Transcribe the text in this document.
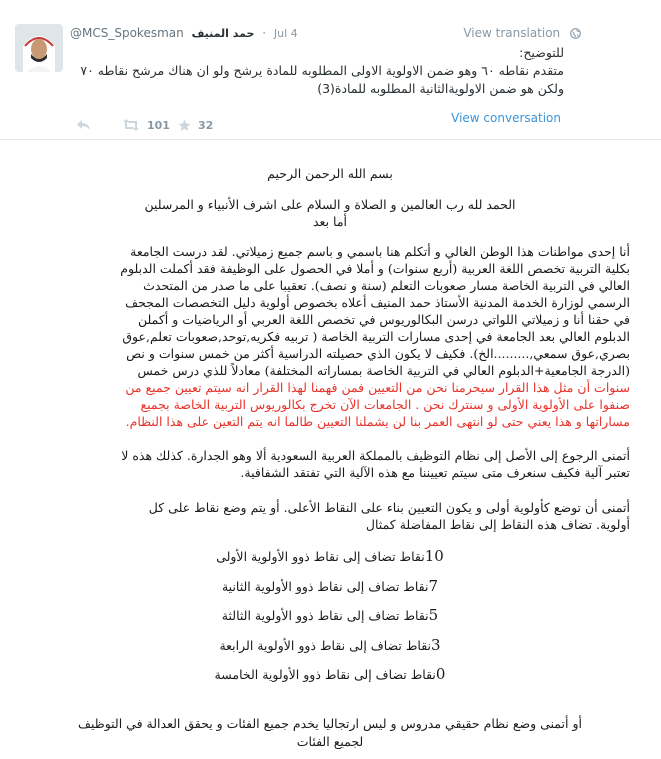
@MCS_Spokesman حمد المنيف · Jul 4	View translation
للتوضيح:
متقدم نقاطه ٦٠ وهو ضمن الاولوية الاولى المطلوبه للمادة يرشح ولو ان هناك مرشح نقاطه ٧٠
ولكن هو ضمن الاولويةالثانية المطلوبه للمادة(3)
View conversation
101	32
بسم الله الرحمن الرحيم
الحمد لله رب العالمين و الصلاة و السلام على اشرف الأنبياء و المرسلين
أما بعد
أنا إحدى مواطنات هذا الوطن الغالي و أتكلم هنا باسمي و باسم جميع زميلاتي. لقد درست الجامعة
بكلية التربية تخصص اللغة العربية (أربع سنوات) و أملا في الحصول على الوظيفة فقد أكملت الدبلوم
العالي في التربية الخاصة مسار صعوبات التعلم (سنة و نصف). تعقيبا على ما صدر من المتحدث
الرسمي لوزارة الخدمة المدنية الأستاذ حمد المنيف أعلاه بخصوص أولوية دليل التخصصات المجحف
في حقنا أنا و زميلاتي اللواتي درسن البكالوريوس في تخصص اللغة العربي أو الرياضيات و أكملن
الدبلوم العالي بعد الجامعة في إحدى مسارات التربية الخاصة ( تربيه فكريه,توحد,صعوبات تعلم,عوق
بصري,عوق سمعي,.........الخ). فكيف لا يكون الذي حصيلته الدراسية أكثر من خمس سنوات و نص
(الدرجة الجامعية+الدبلوم العالي في التربية الخاصة بمساراته المختلفة) معادلاً للذي درس خمس
سنوات أن مثل هذا القرار سيحرمنا نحن من التعيين فمن فهمنا لهذا القرار انه سيتم تعيين جميع من
صنفوا على الأولوية الأولى و سنترك نحن . الجامعات الآن تخرج بكالوريوس التربية الخاصة بجميع
مساراتها و هذا يعني حتى لو انتهى العمر بنا لن يشملنا التعيين طالما انه يتم التعين على هذا النظام.
أتمنى الرجوع إلى الأصل إلى نظام التوظيف بالمملكة العربية السعودية ألا وهو الجدارة. كذلك هذه لا
تعتبر آلية فكيف سنعرف متى سيتم تعييننا مع هذه الآلية التي تفتقد الشفافية.
أتمنى أن توضع كأولوية أولى و يكون التعيين بناء على النقاط الأعلى. أو يتم وضع نقاط على كل
أولوية. تضاف هذه النقاط إلى نقاط المفاضلة كمثال
10نقاط تضاف إلى نقاط ذوو الأولوية الأولى
7نقاط تضاف إلى نقاط ذوو الأولوية الثانية
5نقاط تضاف إلى نقاط ذوو الأولوية الثالثة
3نقاط تضاف إلى نقاط ذوو الأولوية الرابعة
0نقاط تضاف إلى نقاط ذوو الأولوية الخامسة
أو أتمنى وضع نظام حقيقي مدروس و ليس ارتجاليا يخدم جميع الفئات و يحقق العدالة في التوظيف
لجميع الفئات
